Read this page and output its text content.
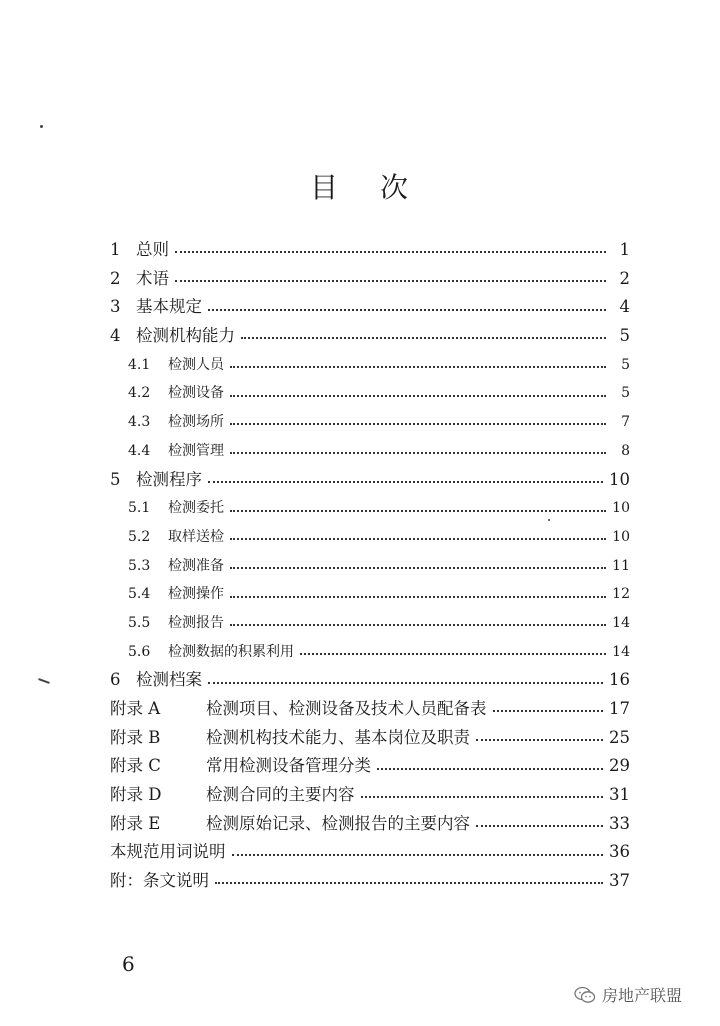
目 次
1 总则	1
2 术语	2
3 基本规定	4
4 检测机构能力	5
4.1	检测人员	5
4.2	检测设备	5
4.3	检测场所	7
4.4	检测管理	8
5 检测程序	10
5.1	检测委托	10
5.2	取样送检	10
5.3	检测准备	11
5.4	检测操作	12
5.5	检测报告	14
5.6	检测数据的积累利用	14
6 检测档案	16
附录 A	检测项目、检测设备及技术人员配备表	17
附录 B	检测机构技术能力、基本岗位及职责	25
附录 C	常用检测设备管理分类	29
附录 D	检测合同的主要内容	31
附录 E	检测原始记录、检测报告的主要内容	33
本规范用词说明	36
附：条文说明	37
6
房地产联盟
